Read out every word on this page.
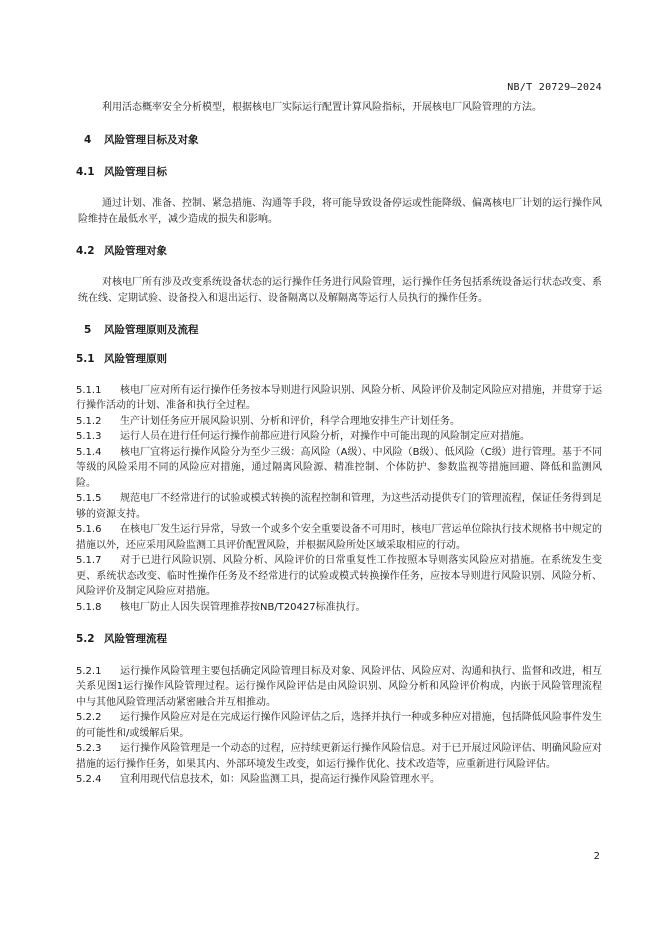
NB/T 20729—2024

利用活态概率安全分析模型，根据核电厂实际运行配置计算风险指标，开展核电厂风险管理的方法。

4 风险管理目标及对象
4.1 风险管理目标

通过计划、准备、控制、紧急措施、沟通等手段，将可能导致设备停运或性能降级、偏离核电厂计划的运行操作风险维持在最低水平，减少造成的损失和影响。

4.2 风险管理对象

对核电厂所有涉及改变系统设备状态的运行操作任务进行风险管理，运行操作任务包括系统设备运行状态改变、系统在线、定期试验、设备投入和退出运行、设备隔离以及解隔离等运行人员执行的操作任务。

5 风险管理原则及流程
5.1 风险管理原则

5.1.1 核电厂应对所有运行操作任务按本导则进行风险识别、风险分析、风险评价及制定风险应对措施，并贯穿于运行操作活动的计划、准备和执行全过程。

5.1.2 生产计划任务应开展风险识别、分析和评价，科学合理地安排生产计划任务。

5.1.3 运行人员在进行任何运行操作前都应进行风险分析，对操作中可能出现的风险制定应对措施。

5.1.4 核电厂宜将运行操作风险分为至少三级：高风险（A级）、中风险（B级）、低风险（C级）进行管理。基于不同等级的风险采用不同的风险应对措施，通过隔离风险源、精准控制、个体防护、参数监视等措施回避、降低和监测风险。

5.1.5 规范电厂不经常进行的试验或模式转换的流程控制和管理，为这些活动提供专门的管理流程，保证任务得到足够的资源支持。

5.1.6 在核电厂发生运行异常，导致一个或多个安全重要设备不可用时，核电厂营运单位除执行技术规格书中规定的措施以外，还应采用风险监测工具评价配置风险，并根据风险所处区域采取相应的行动。

5.1.7 对于已进行风险识别、风险分析、风险评价的日常重复性工作按照本导则落实风险应对措施。在系统发生变更、系统状态改变、临时性操作任务及不经常进行的试验或模式转换操作任务，应按本导则进行风险识别、风险分析、风险评价及制定风险应对措施。

5.1.8 核电厂防止人因失误管理推荐按NB/T20427标准执行。

5.2 风险管理流程

5.2.1 运行操作风险管理主要包括确定风险管理目标及对象、风险评估、风险应对、沟通和执行、监督和改进，相互关系见图1运行操作风险管理过程。运行操作风险评估是由风险识别、风险分析和风险评价构成，内嵌于风险管理流程中与其他风险管理活动紧密融合并互相推动。

5.2.2 运行操作风险应对是在完成运行操作风险评估之后，选择并执行一种或多种应对措施，包括降低风险事件发生的可能性和/或缓解后果。

5.2.3 运行操作风险管理是一个动态的过程，应持续更新运行操作风险信息。对于已开展过风险评估、明确风险应对措施的运行操作任务，如果其内、外部环境发生改变，如运行操作优化、技术改造等，应重新进行风险评估。

5.2.4 宜利用现代信息技术，如：风险监测工具，提高运行操作风险管理水平。

2
